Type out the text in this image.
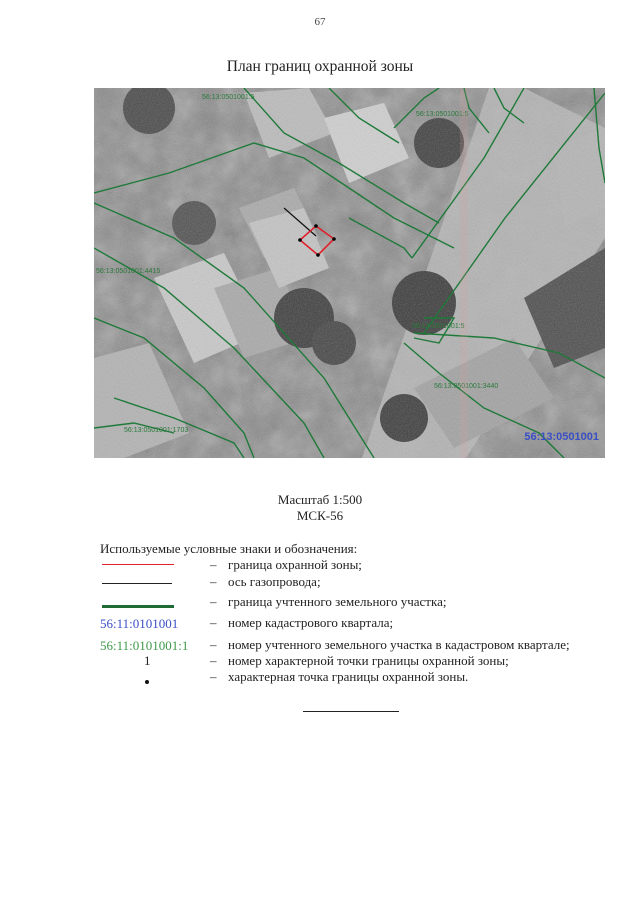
67
План границ охранной зоны
56:13:0501001:5
56:13:0501001:4415
56:13:0501001:3440
56:13:0501001:1703
56:13:0501001:5
56:13:0501001:5
56:13:0501001
Масштаб 1:500
МСК-56
Используемые условные знаки и обозначения:
– граница охранной зоны;
– ось газопровода;
– граница учтенного земельного участка;
56:11:0101001	– номер кадастрового квартала;
56:11:0101001:1	– номер учтенного земельного участка в кадастровом квартале;
1	– номер характерной точки границы охранной зоны;
– характерная точка границы охранной зоны.
